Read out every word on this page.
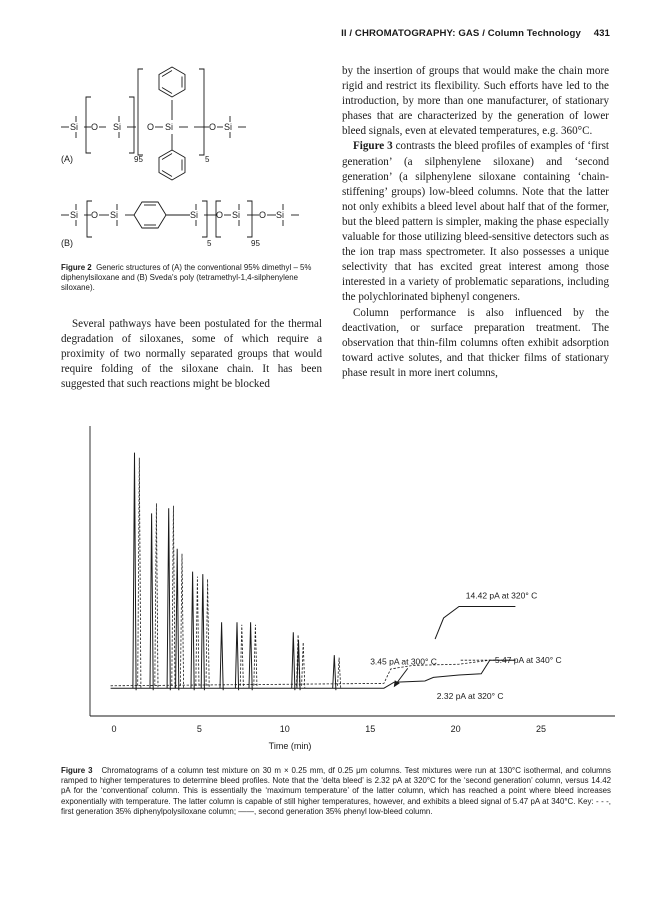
II / CHROMATOGRAPHY: GAS / Column Technology 431
Si O Si	O Si	O Si
(A)	95	5
Si O Si	Si O Si O Si
(B)	5	95

Figure 2 Generic structures of (A) the conventional 95% dimethyl – 5% diphenylsiloxane and (B) Sveda's poly (tetramethyl-1,4-silphenylene siloxane).

Several pathways have been postulated for the thermal degradation of siloxanes, some of which require a proximity of two normally separated groups that would require folding of the siloxane chain. It has been suggested that such reactions might be blocked

by the insertion of groups that would make the chain more rigid and restrict its flexibility. Such efforts have led to the introduction, by more than one manufacturer, of stationary phases that are characterized by the generation of lower bleed signals, even at elevated temperatures, e.g. 360°C.

Figure 3 contrasts the bleed profiles of examples of ‘first generation’ (a silphenylene siloxane) and ‘second generation’ (a silphenylene siloxane containing ‘chain-stiffening’ groups) low-bleed columns. Note that the latter not only exhibits a bleed level about half that of the former, but the bleed pattern is simpler, making the phase especially valuable for those utilizing bleed-sensitive detectors such as the ion trap mass spectrometer. It also possesses a unique selectivity that has excited great interest among those interested in a variety of problematic separations, including the polychlorinated biphenyl congeners.

Column performance is also influenced by the deactivation, or surface preparation treatment. The observation that thin-film columns often exhibit adsorption toward active solutes, and that thicker films of stationary phase result in more inert columns,

0	5	10	15	20	25
14.42 pA at 320° C
3.45 pA at 300° C	5.47 pA at 340° C
2.32 pA at 320° C
Time (min)

Figure 3 Chromatograms of a column test mixture on 30 m × 0.25 mm, df 0.25 μm columns. Test mixtures were run at 130°C isothermal, and columns ramped to higher temperatures to determine bleed profiles. Note that the ‘delta bleed’ is 2.32 pA at 320°C for the ‘second generation’ column, versus 14.42 pA for the ‘conventional’ column. This is essentially the ‘maximum temperature’ of the latter column, which has reached a point where bleed increases exponentially with temperature. The latter column is capable of still higher temperatures, however, and exhibits a bleed signal of 5.47 pA at 340°C. Key: - - -, first generation 35% diphenylpolysiloxane column; ——, second generation 35% phenyl low-bleed column.
